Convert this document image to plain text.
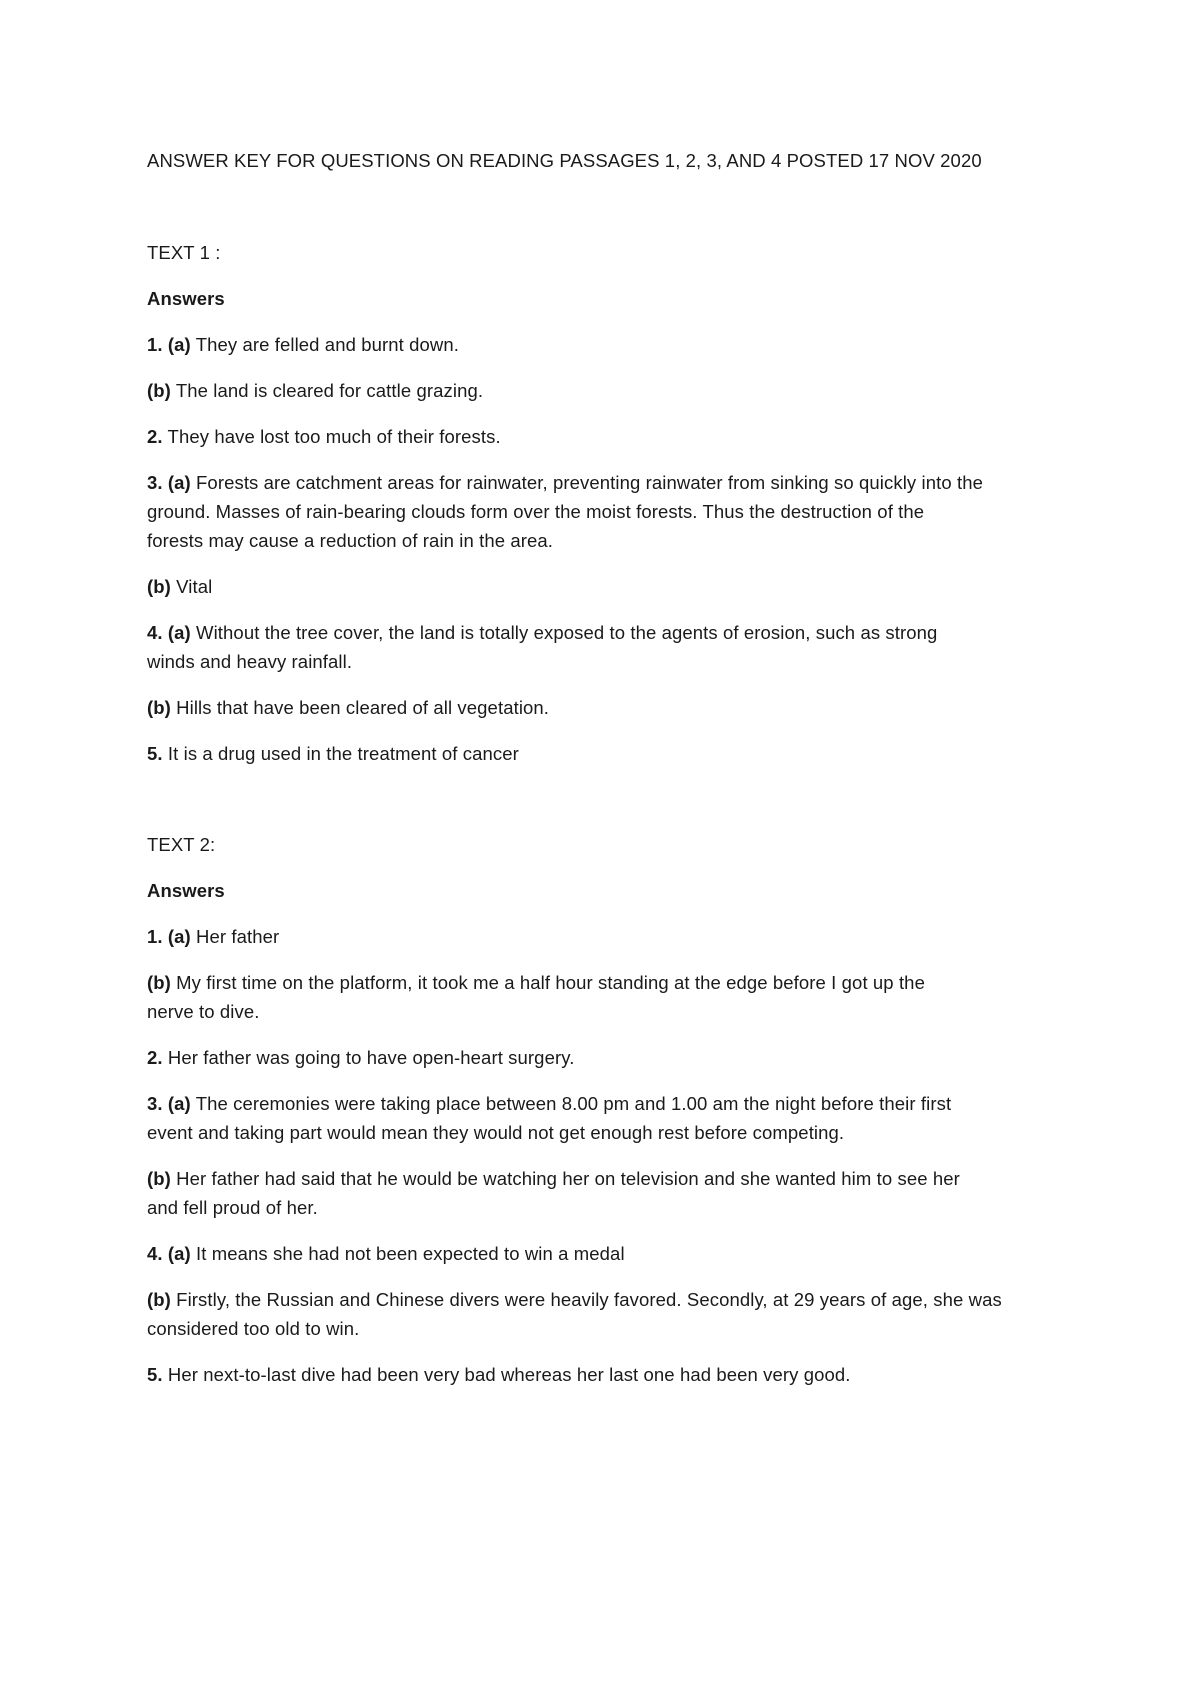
ANSWER KEY FOR QUESTIONS ON READING PASSAGES 1, 2, 3, AND 4 POSTED 17 NOV 2020
TEXT 1 :
Answers
1. (a) They are felled and burnt down.
(b) The land is cleared for cattle grazing.
2. They have lost too much of their forests.
3. (a) Forests are catchment areas for rainwater, preventing rainwater from sinking so quickly into the
ground. Masses of rain-bearing clouds form over the moist forests. Thus the destruction of the
forests may cause a reduction of rain in the area.
(b) Vital
4. (a) Without the tree cover, the land is totally exposed to the agents of erosion, such as strong
winds and heavy rainfall.
(b) Hills that have been cleared of all vegetation.
5. It is a drug used in the treatment of cancer
TEXT 2:
Answers
1. (a) Her father
(b) My first time on the platform, it took me a half hour standing at the edge before I got up the
nerve to dive.
2. Her father was going to have open-heart surgery.
3. (a) The ceremonies were taking place between 8.00 pm and 1.00 am the night before their first
event and taking part would mean they would not get enough rest before competing.
(b) Her father had said that he would be watching her on television and she wanted him to see her
and fell proud of her.
4. (a) It means she had not been expected to win a medal
(b) Firstly, the Russian and Chinese divers were heavily favored. Secondly, at 29 years of age, she was
considered too old to win.
5. Her next-to-last dive had been very bad whereas her last one had been very good.
